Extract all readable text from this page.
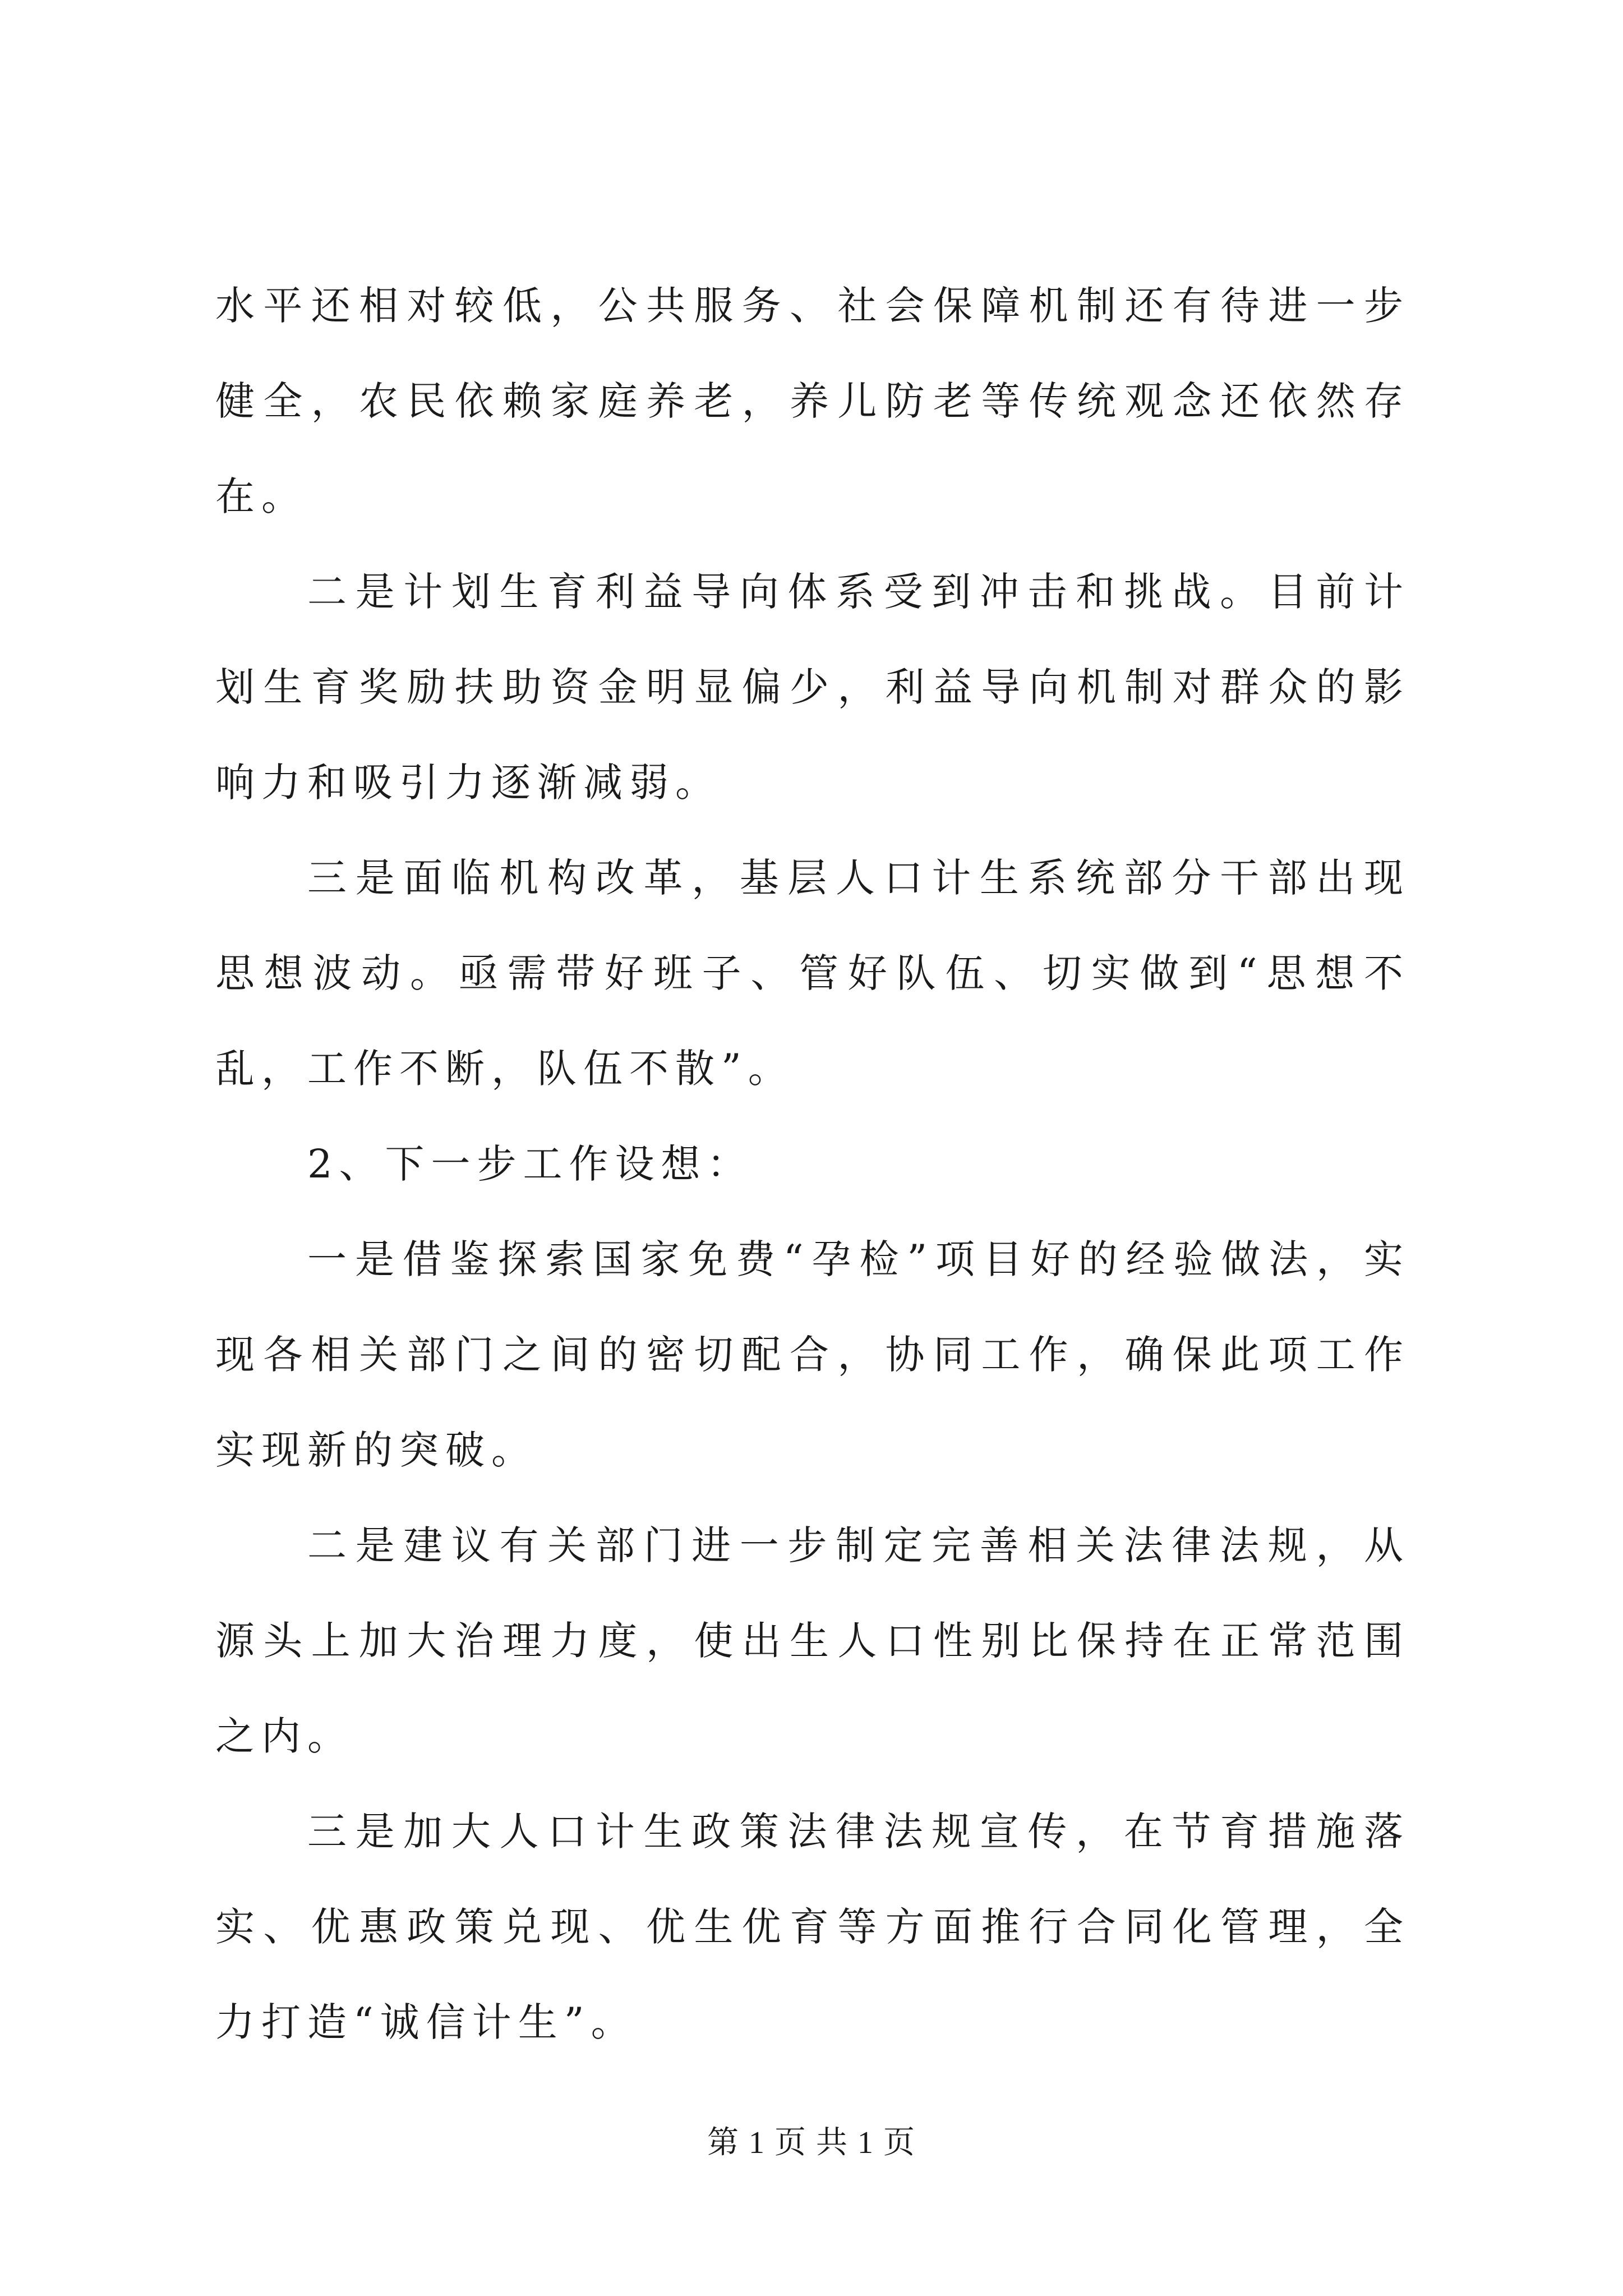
水平还相对较低，公共服务、社会保障机制还有待进一步健全，农民依赖家庭养老，养儿防老等传统观念还依然存在。

二是计划生育利益导向体系受到冲击和挑战。目前计划生育奖励扶助资金明显偏少，利益导向机制对群众的影响力和吸引力逐渐减弱。

三是面临机构改革，基层人口计生系统部分干部出现思想波动。亟需带好班子、管好队伍、切实做到“思想不乱，工作不断，队伍不散”。

2、下一步工作设想：

一是借鉴探索国家免费“孕检”项目好的经验做法，实现各相关部门之间的密切配合，协同工作，确保此项工作实现新的突破。

二是建议有关部门进一步制定完善相关法律法规，从源头上加大治理力度，使出生人口性别比保持在正常范围之内。

三是加大人口计生政策法律法规宣传，在节育措施落实、优惠政策兑现、优生优育等方面推行合同化管理，全力打造“诚信计生”。

第 1 页 共 1 页
